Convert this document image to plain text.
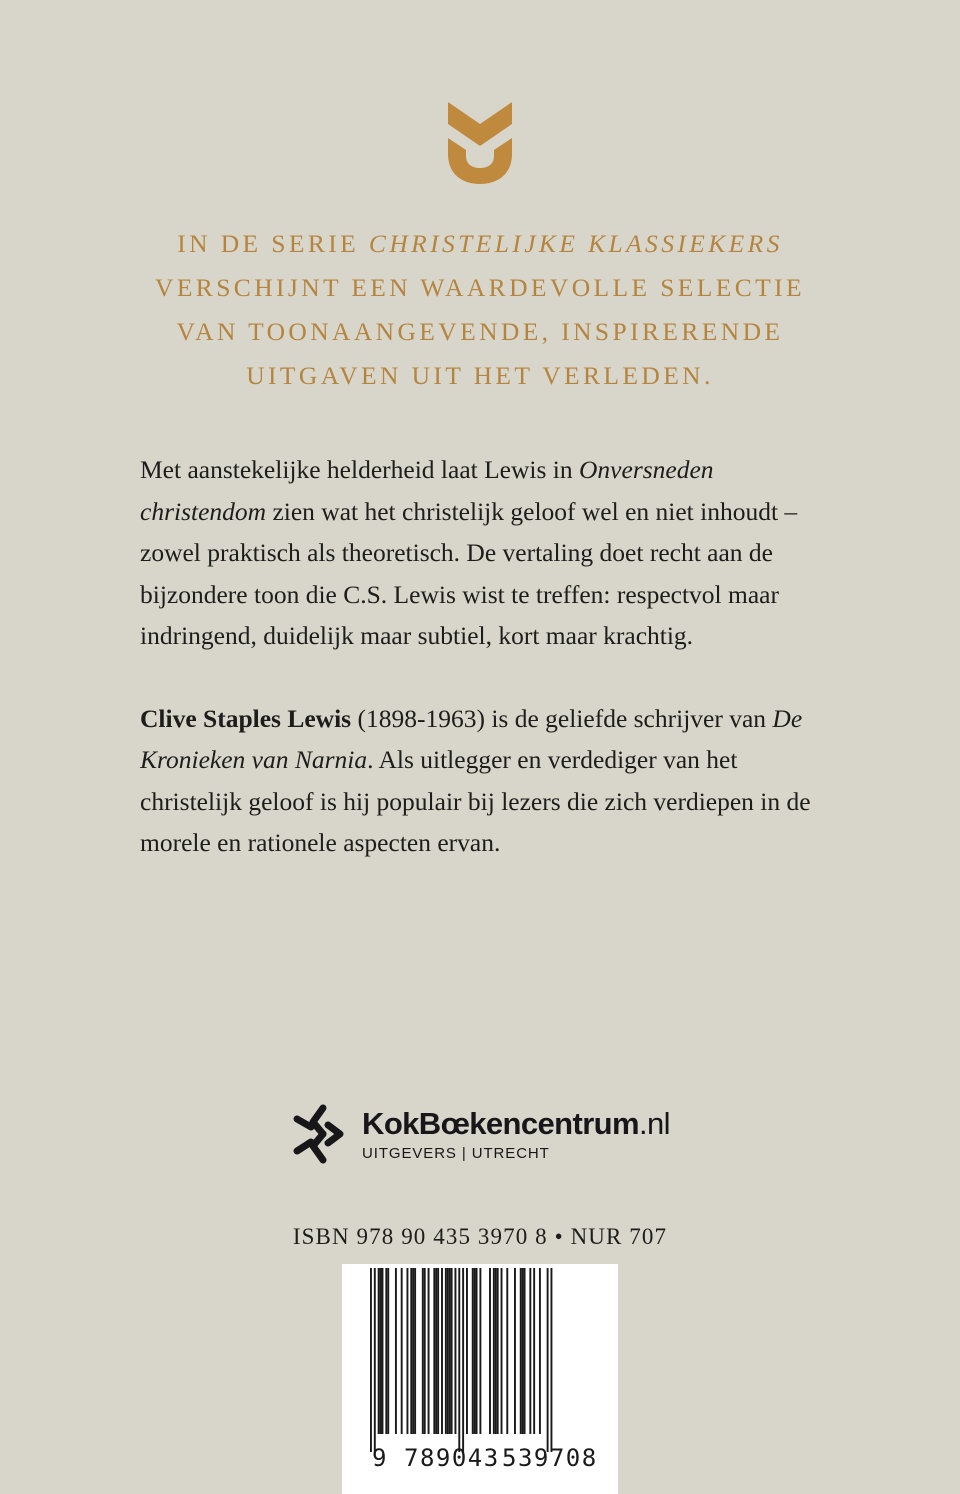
IN DE SERIE CHRISTELIJKE KLASSIEKERS
VERSCHIJNT EEN WAARDEVOLLE SELECTIE
VAN TOONAANGEVENDE, INSPIRERENDE
UITGAVEN UIT HET VERLEDEN.

Met aanstekelijke helderheid laat Lewis in Onversneden christendom zien wat het christelijk geloof wel en niet inhoudt – zowel praktisch als theoretisch. De vertaling doet recht aan de bijzondere toon die C.S. Lewis wist te treffen: respectvol maar indringend, duidelijk maar subtiel, kort maar krachtig.

Clive Staples Lewis (1898-1963) is de geliefde schrijver van De Kronieken van Narnia. Als uitlegger en verdediger van het christelijk geloof is hij populair bij lezers die zich verdiepen in de morele en rationele aspecten ervan.

KokBœkencentrum.nl
UITGEVERS | UTRECHT
ISBN 978 90 435 3970 8 • NUR 707
9 789043 539708
